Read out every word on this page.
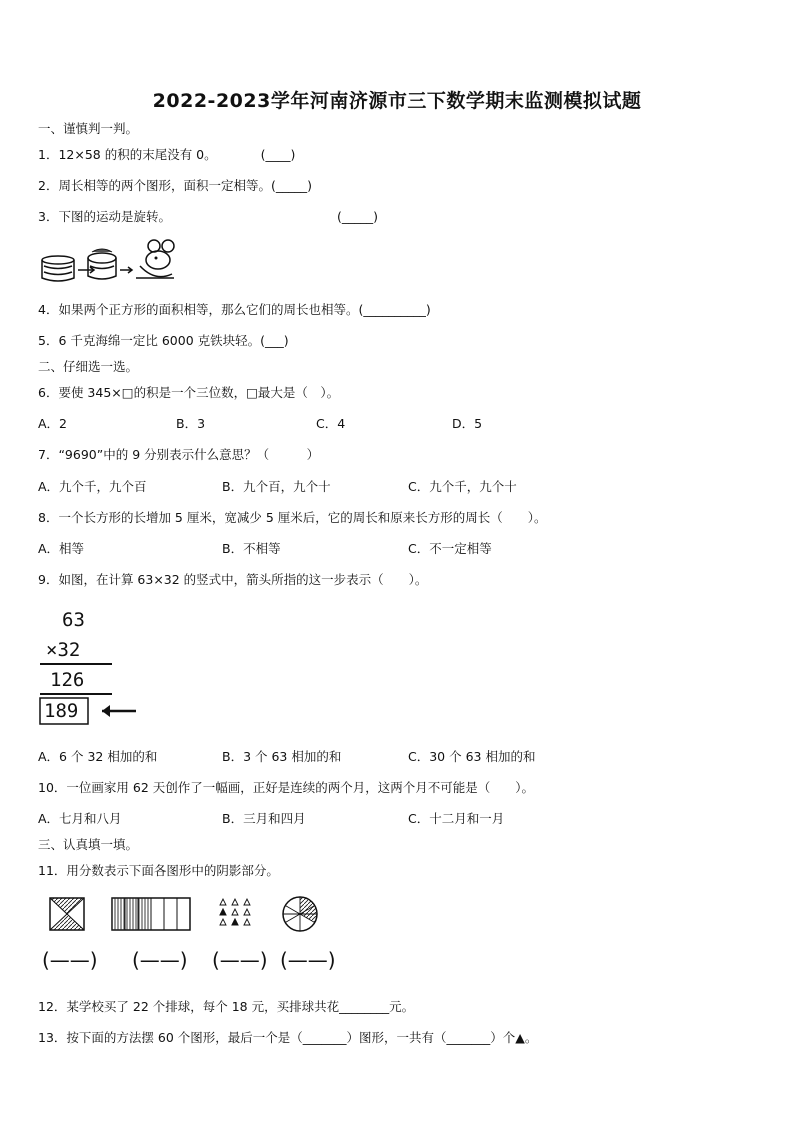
2022-2023学年河南济源市三下数学期末监测模拟试题
一、谨慎判一判。
1．12×58 的积的末尾没有 0。	(____)
2．周长相等的两个图形，面积一定相等。(_____)
3．下图的运动是旋转。	(_____)
4．如果两个正方形的面积相等，那么它们的周长也相等。(__________)
5．6 千克海绵一定比 6000 克铁块轻。(___)
二、仔细选一选。
6．要使 345×□的积是一个三位数，□最大是（　）。
A．2	B．3	C．4	D．5
7．“9690”中的 9 分别表示什么意思？（　　　）
A．九个千，九个百	B．九个百，九个十	C．九个千，九个十
8．一个长方形的长增加 5 厘米，宽减少 5 厘米后，它的周长和原来长方形的周长（　　）。
A．相等	B．不相等	C．不一定相等
9．如图，在计算 63×32 的竖式中，箭头所指的这一步表示（　　）。
63
×32
126
189
A．6 个 32 相加的和	B．3 个 63 相加的和	C．30 个 63 相加的和
10．一位画家用 62 天创作了一幅画，正好是连续的两个月，这两个月不可能是（　　）。
A．七月和八月	B．三月和四月	C．十二月和一月
三、认真填一填。
11．用分数表示下面各图形中的阴影部分。
(——) (——) (——) (——)
12．某学校买了 22 个排球，每个 18 元，买排球共花________元。
13．按下面的方法摆 60 个图形，最后一个是（_______）图形，一共有（_______）个▲。
